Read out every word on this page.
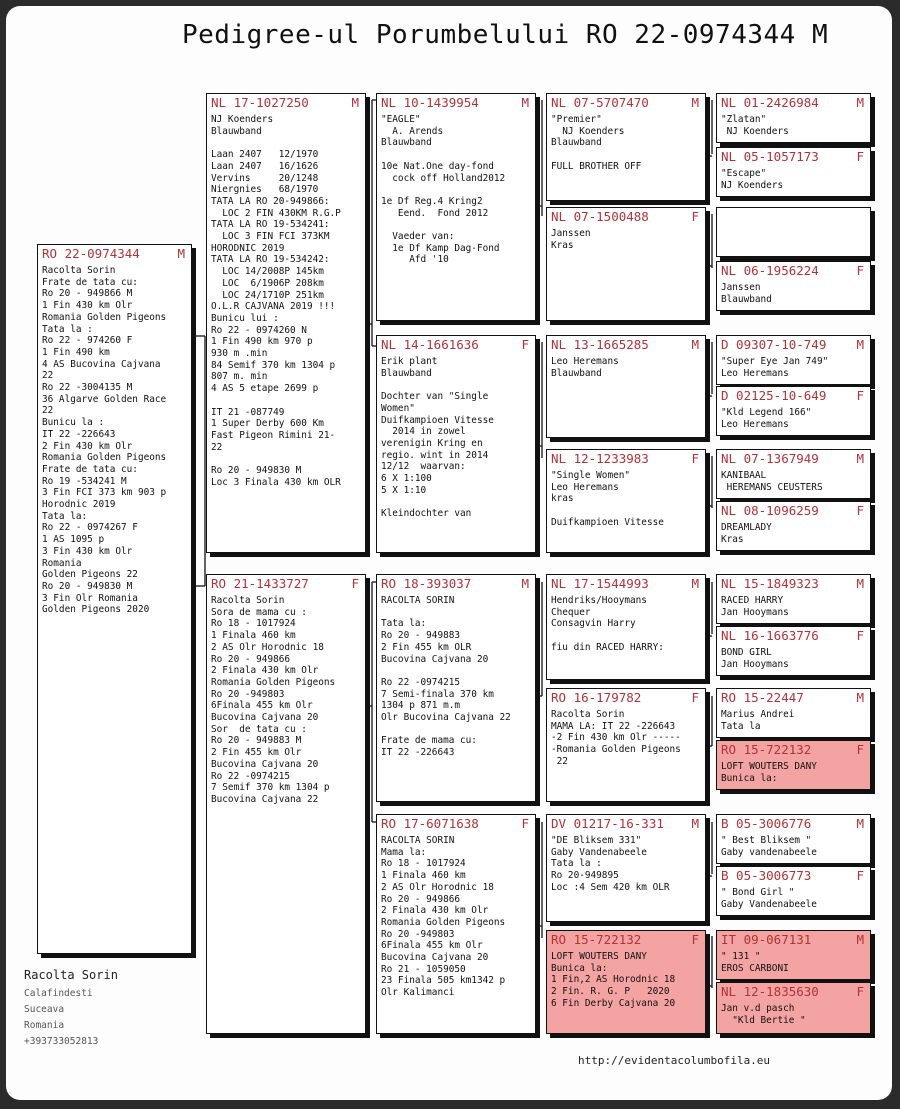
Pedigree-ul Porumbelului RO 22-0974344 M
RO 22-0974344	M
Racolta Sorin
Frate de tata cu:
Ro 20 - 949866 M
1 Fin 430 km Olr
Romania Golden Pigeons
Tata la :
Ro 22 - 974260 F
1 Fin 490 km
4 AS Bucovina Cajvana
22
Ro 22 -3004135 M
36 Algarve Golden Race
22
Bunicu la :
IT 22 -226643
2 Fin 430 km Olr
Romania Golden Pigeons
Frate de tata cu:
Ro 19 -534241 M
3 Fin FCI 373 km 903 p
Horodnic 2019
Tata la:
Ro 22 - 0974267 F
1 AS 1095 p
3 Fin 430 km Olr
Romania
Golden Pigeons 22
Ro 20 - 949830 M
3 Fin Olr Romania
Golden Pigeons 2020
NL 17-1027250	M
NJ Koenders
Blauwband

Laan 2407   12/1970
Laan 2407   16/1626
Vervins     20/1248
Niergnies   68/1970
TATA LA RO 20-949866:
LOC 2 FIN 430KM R.G.P
TATA LA RO 19-534241:
LOC 3 FIN FCI 373KM
HORODNIC 2019
TATA LA RO 19-534242:
LOC 14/2008P 145km
LOC  6/1906P 208km
LOC 24/1710P 251km
O.L.R CAJVANA 2019 !!!
Bunicu lui :
Ro 22 - 0974260 N
1 Fin 490 km 970 p
930 m .min
84 Semif 370 km 1304 p
807 m. min
4 AS 5 etape 2699 p

IT 21 -087749
1 Super Derby 600 Km
Fast Pigeon Rimini 21-
22

Ro 20 - 949830 M
Loc 3 Finala 430 km OLR
RO 21-1433727	F
Racolta Sorin
Sora de mama cu :
Ro 18 - 1017924
1 Finala 460 km
2 AS Olr Horodnic 18
Ro 20 - 949866
2 Finala 430 km Olr
Romania Golden Pigeons
Ro 20 -949803
6Finala 455 km Olr
Bucovina Cajvana 20
Sor  de tata cu :
Ro 20 - 949883 M
2 Fin 455 km Olr
Bucovina Cajvana 20
Ro 22 -0974215
7 Semif 370 km 1304 p
Bucovina Cajvana 22
NL 10-1439954	M
"EAGLE"
A. Arends
Blauwband

10e Nat.One day-fond
cock off Holland2012

1e Df Reg.4 Kring2
Eend.  Fond 2012

Vaeder van:
1e Df Kamp Dag-Fond
Afd '10
NL 14-1661636	F
Erik plant
Blauwband

Dochter van "Single
Women"
Duifkampioen Vitesse
2014 in zowel
verenigin Kring en
regio. wint in 2014
12/12  waarvan:
6 X 1:100
5 X 1:10

Kleindochter van
RO 18-393037	M
RACOLTA SORIN

Tata la:
Ro 20 - 949883
2 Fin 455 km OLR
Bucovina Cajvana 20

Ro 22 -0974215
7 Semi-finala 370 km
1304 p 871 m.m
Olr Bucovina Cajvana 22

Frate de mama cu:
IT 22 -226643
RO 17-6071638	F
RACOLTA SORIN
Mama la:
Ro 18 - 1017924
1 Finala 460 km
2 AS Olr Horodnic 18
Ro 20 - 949866
2 Finala 430 km Olr
Romania Golden Pigeons
Ro 20 -949803
6Finala 455 km Olr
Bucovina Cajvana 20
Ro 21 - 1059050
23 Finala 505 km1342 p
Olr Kalimanci
NL 07-5707470	M
"Premier"
NJ Koenders
Blauwband

FULL BROTHER OFF
NL 07-1500488	F
Janssen
Kras
NL 13-1665285	M
Leo Heremans
Blauwband
NL 12-1233983	F
"Single Women"
Leo Heremans
kras

Duifkampioen Vitesse
NL 17-1544993	M
Hendriks/Hooymans
Chequer
Consagvin Harry

fiu din RACED HARRY:
RO 16-179782	F
Racolta Sorin
MAMA LA: IT 22 -226643
-2 Fin 430 km Olr -----
-Romania Golden Pigeons
22
DV 01217-16-331 M
"DE Bliksem 331"
Gaby Vandenabeele
Tata la :
Ro 20-949895
Loc :4 Sem 420 km OLR
RO 15-722132	F
LOFT WOUTERS DANY
Bunica la:
1 Fin,2 AS Horodnic 18
2 Fin. R. G. P   2020
6 Fin Derby Cajvana 20
NL 01-2426984	M
"Zlatan"
NJ Koenders
NL 05-1057173	F
"Escape"
NJ Koenders
NL 06-1956224	F
Janssen
Blauwband
D 09307-10-749 M
"Super Eye Jan 749"
Leo Heremans
D 02125-10-649 F
"Kld Legend 166"
Leo Heremans
NL 07-1367949	M
KANIBAAL
HEREMANS CEUSTERS
NL 08-1096259	F
DREAMLADY
Kras
NL 15-1849323	M
RACED HARRY
Jan Hooymans
NL 16-1663776	F
BOND GIRL
Jan Hooymans
RO 15-22447	M
Marius Andrei
Tata la
RO 15-722132	F
LOFT WOUTERS DANY
Bunica la:
B 05-3006776	M
" Best Bliksem "
Gaby vandenabeele
B 05-3006773	F
" Bond Girl "
Gaby Vandenabeele
IT 09-067131	M
" 131 "
EROS CARBONI
NL 12-1835630	F
Jan v.d pasch
"Kld Bertie "
Racolta Sorin
Calafindesti
Suceava
Romania
+393733052813
http://evidentacolumbofila.eu
